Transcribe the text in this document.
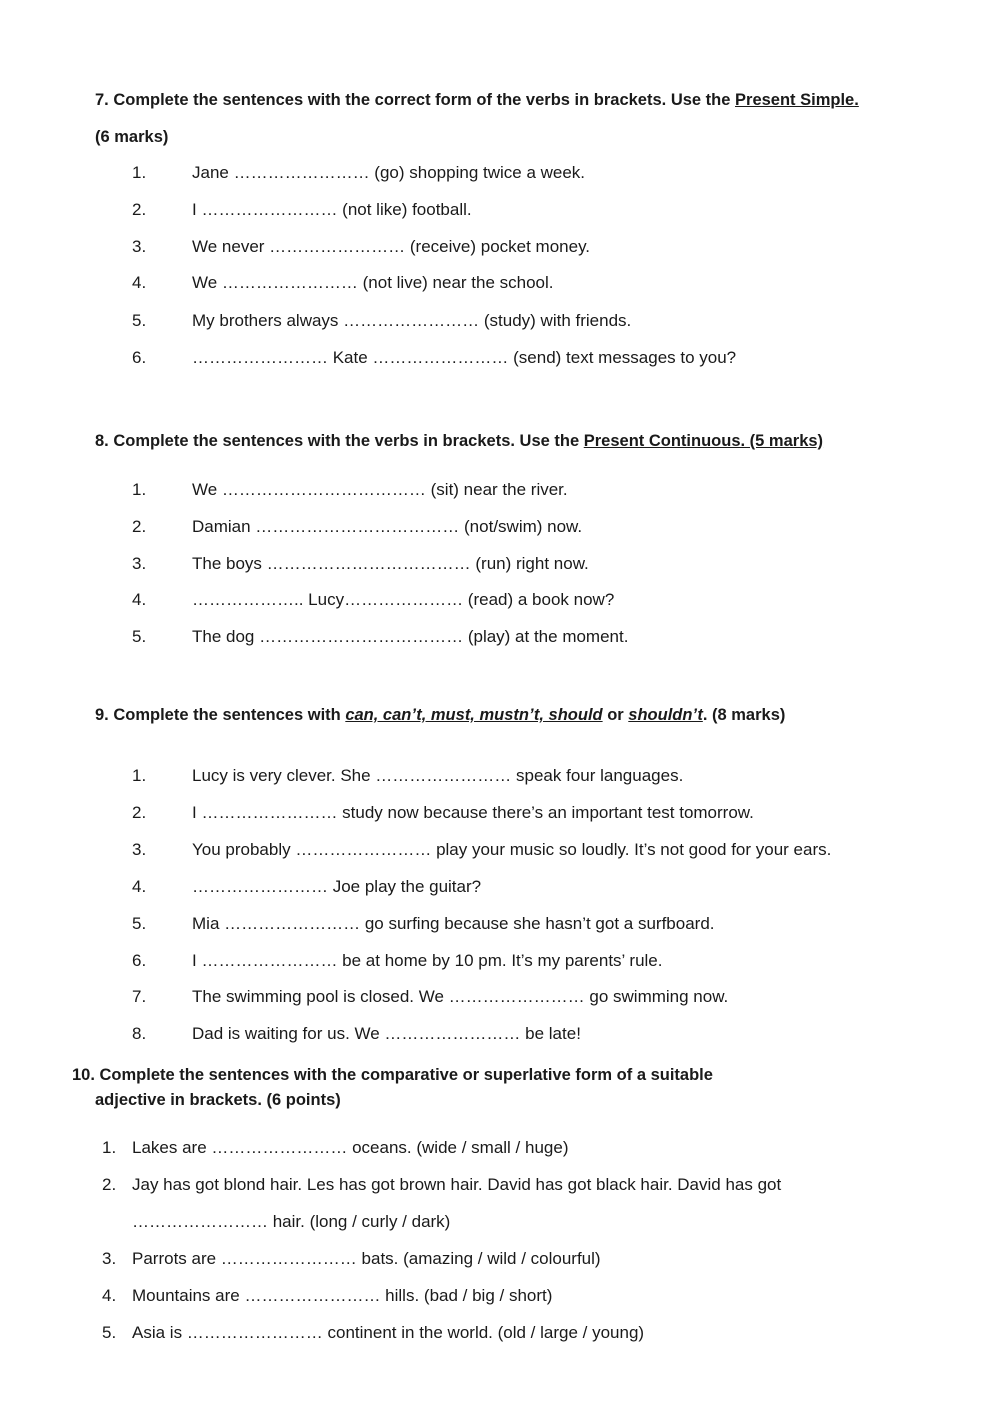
7. Complete the sentences with the correct form of the verbs in brackets. Use the Present Simple.
(6 marks)
1.	Jane …………………… (go) shopping twice a week.
2.	I …………………… (not like) football.
3.	We never …………………… (receive) pocket money.
4.	We …………………… (not live) near the school.
5.	My brothers always …………………… (study) with friends.
6.	…………………… Kate …………………… (send) text messages to you?
8. Complete the sentences with the verbs in brackets. Use the Present Continuous. (5 marks)
1.	We ……………………………… (sit) near the river.
2.	Damian ……………………………… (not/swim) now.
3.	The boys ……………………………… (run) right now.
4.	……………….. Lucy………………… (read) a book now?
5.	The dog ……………………………… (play) at the moment.
9. Complete the sentences with can, can’t, must, mustn’t, should or shouldn’t. (8 marks)
1.	Lucy is very clever. She …………………… speak four languages.
2.	I …………………… study now because there’s an important test tomorrow.
3.	You probably …………………… play your music so loudly. It’s not good for your ears.
4.	…………………… Joe play the guitar?
5.	Mia …………………… go surfing because she hasn’t got a surfboard.
6.	I …………………… be at home by 10 pm. It’s my parents’ rule.
7.	The swimming pool is closed. We …………………… go swimming now.
8.	Dad is waiting for us. We …………………… be late!
10. Complete the sentences with the comparative or superlative form of a suitable
adjective in brackets. (6 points)
1. Lakes are …………………… oceans. (wide / small / huge)
2. Jay has got blond hair. Les has got brown hair. David has got black hair. David has got
…………………… hair. (long / curly / dark)
3. Parrots are …………………… bats. (amazing / wild / colourful)
4. Mountains are …………………… hills. (bad / big / short)
5. Asia is …………………… continent in the world. (old / large / young)
